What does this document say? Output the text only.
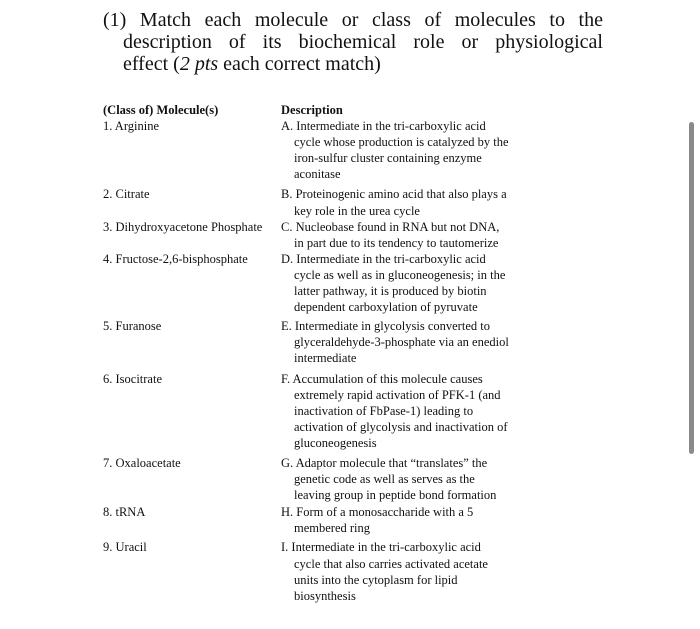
(1) Match each molecule or class of molecules to the
description of its biochemical role or physiological
effect (2 pts each correct match)
(Class of) Molecule(s)	Description
1. Arginine	A. Intermediate in the tri-carboxylic acid
cycle whose production is catalyzed by the
iron-sulfur cluster containing enzyme
aconitase
2. Citrate	B. Proteinogenic amino acid that also plays a
key role in the urea cycle
3. Dihydroxyacetone Phosphate	C. Nucleobase found in RNA but not DNA,
in part due to its tendency to tautomerize
4. Fructose-2,6-bisphosphate	D. Intermediate in the tri-carboxylic acid
cycle as well as in gluconeogenesis; in the
latter pathway, it is produced by biotin
dependent carboxylation of pyruvate
5. Furanose	E. Intermediate in glycolysis converted to
glyceraldehyde-3-phosphate via an enediol
intermediate
6. Isocitrate	F. Accumulation of this molecule causes
extremely rapid activation of PFK-1 (and
inactivation of FbPase-1) leading to
activation of glycolysis and inactivation of
gluconeogenesis
7. Oxaloacetate	G. Adaptor molecule that “translates” the
genetic code as well as serves as the
leaving group in peptide bond formation
8. tRNA	H. Form of a monosaccharide with a 5
membered ring
9. Uracil	I. Intermediate in the tri-carboxylic acid
cycle that also carries activated acetate
units into the cytoplasm for lipid
biosynthesis
